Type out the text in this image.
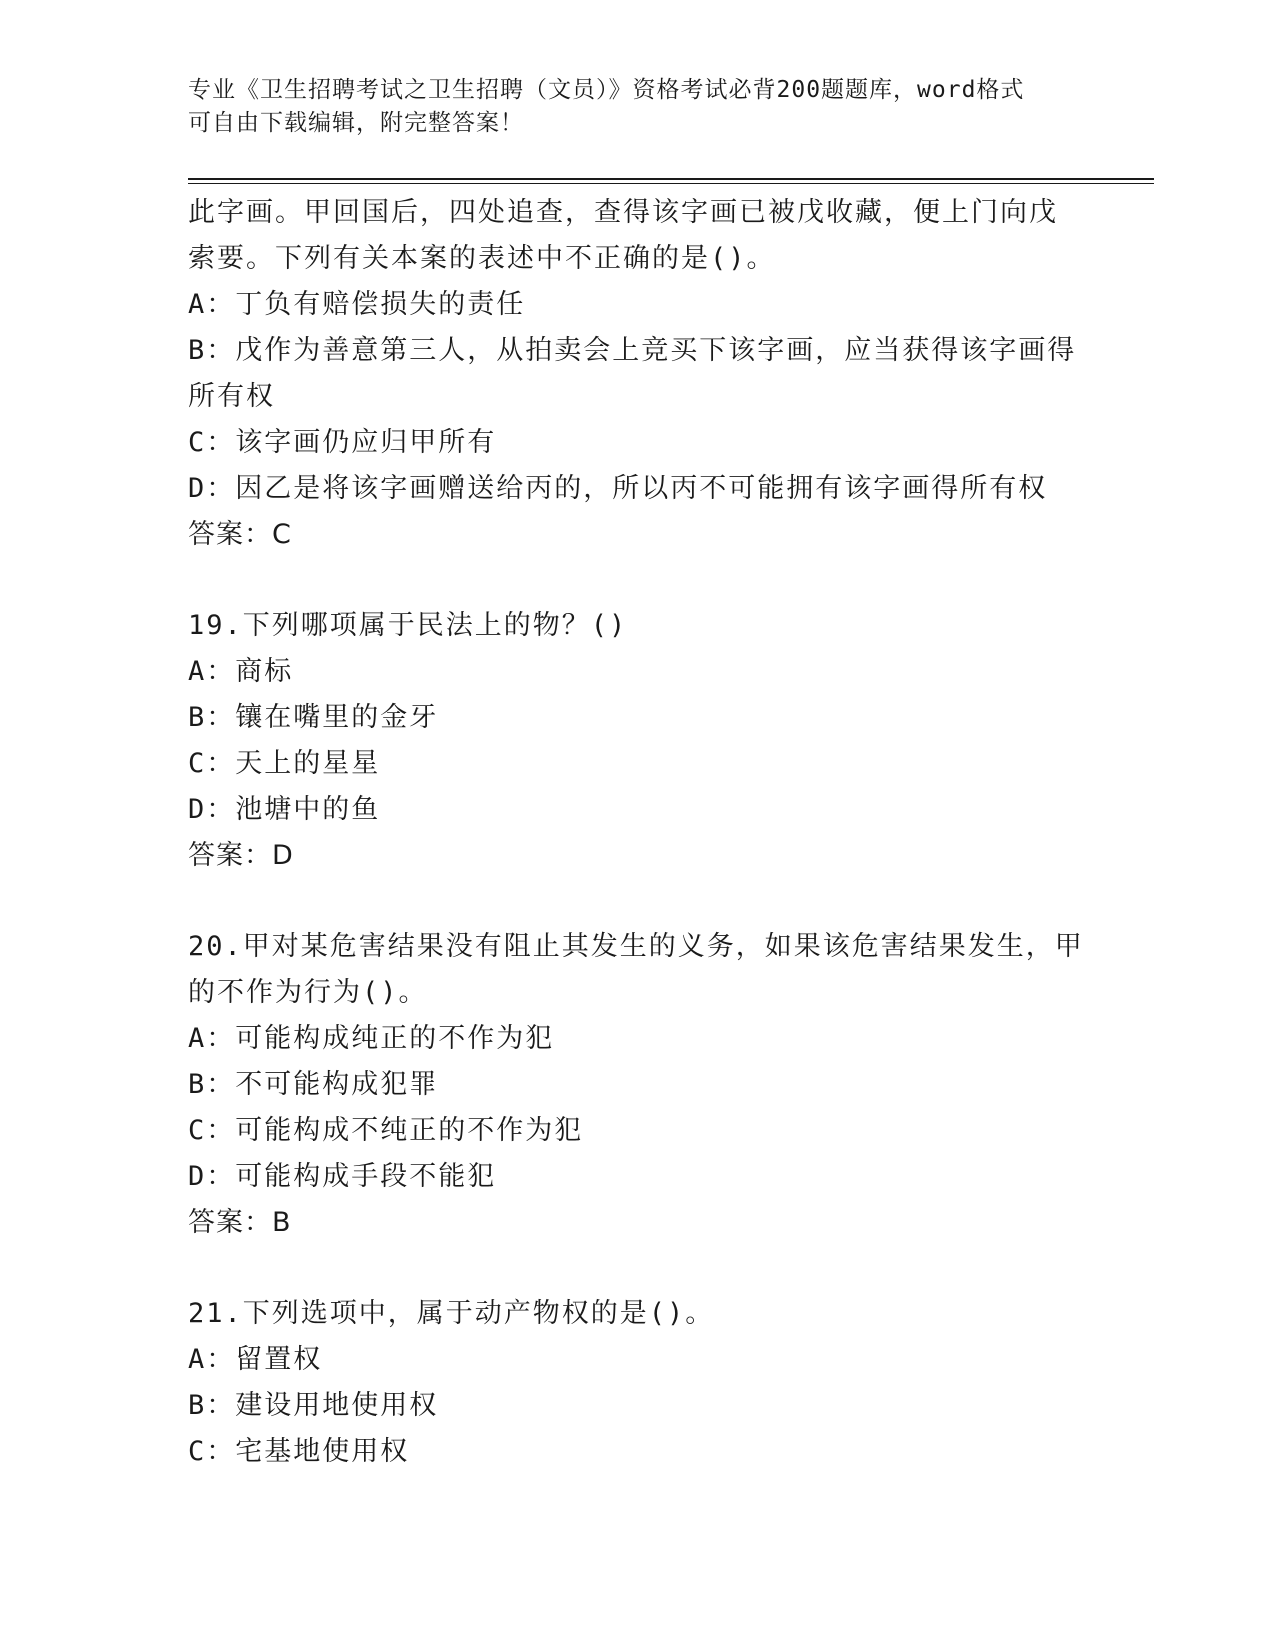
专业《卫生招聘考试之卫生招聘（文员）》资格考试必背200题题库，word格式
可自由下载编辑，附完整答案！
此字画。甲回国后，四处追查，查得该字画已被戊收藏，便上门向戊
索要。下列有关本案的表述中不正确的是()。
A：丁负有赔偿损失的责任
B：戊作为善意第三人，从拍卖会上竞买下该字画，应当获得该字画得
所有权
C：该字画仍应归甲所有
D：因乙是将该字画赠送给丙的，所以丙不可能拥有该字画得所有权
答案：C
19.下列哪项属于民法上的物？()
A：商标
B：镶在嘴里的金牙
C：天上的星星
D：池塘中的鱼
答案：D
20.甲对某危害结果没有阻止其发生的义务，如果该危害结果发生，甲
的不作为行为()。
A：可能构成纯正的不作为犯
B：不可能构成犯罪
C：可能构成不纯正的不作为犯
D：可能构成手段不能犯
答案：B
21.下列选项中，属于动产物权的是()。
A：留置权
B：建设用地使用权
C：宅基地使用权
